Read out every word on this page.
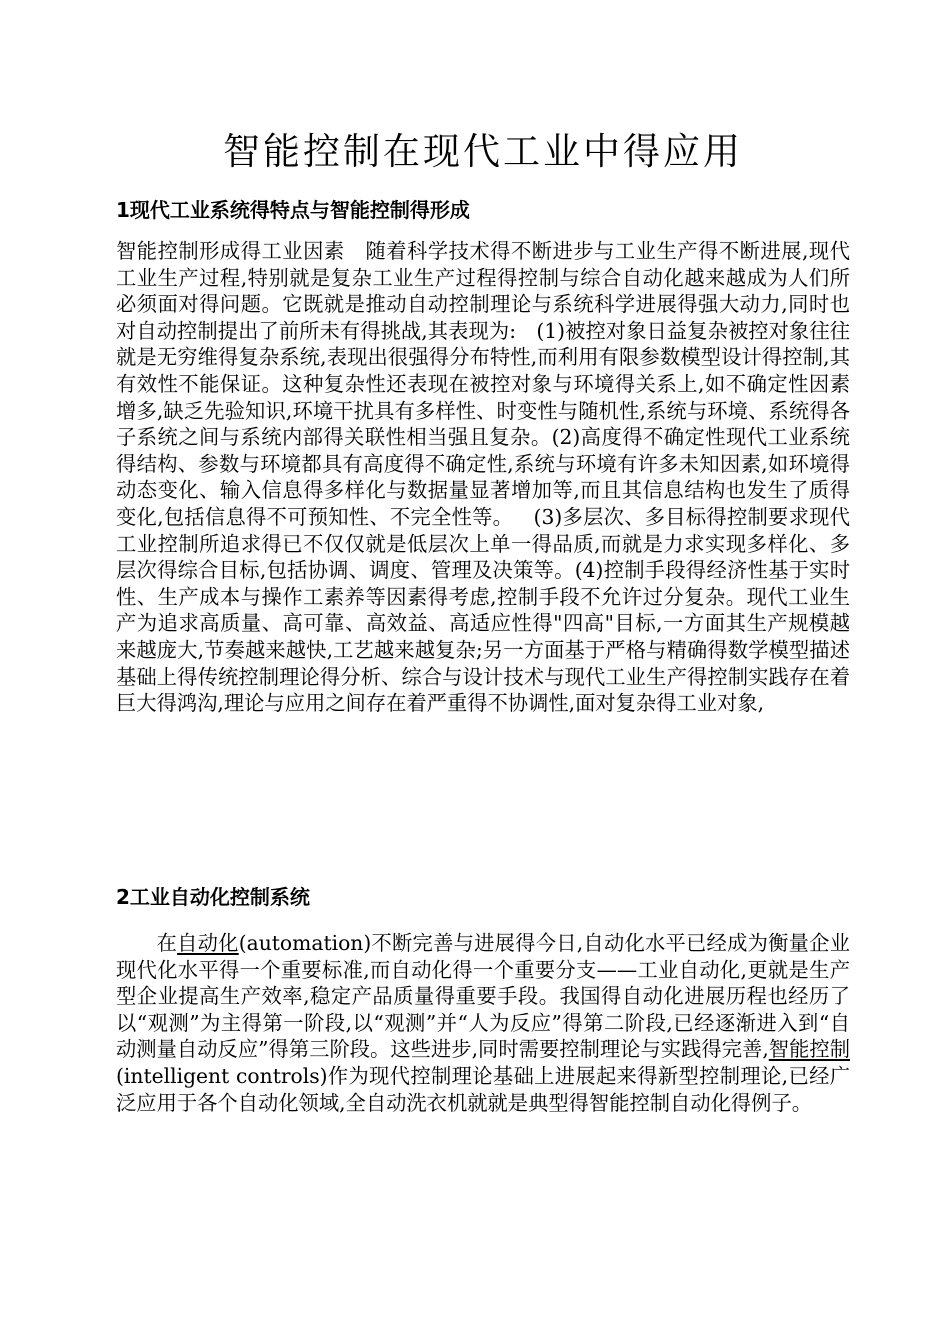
智能控制在现代工业中得应用
1现代工业系统得特点与智能控制得形成

智能控制形成得工业因素 随着科学技术得不断进步与工业生产得不断进展,现代工业生产过程,特别就是复杂工业生产过程得控制与综合自动化越来越成为人们所必须面对得问题。它既就是推动自动控制理论与系统科学进展得强大动力,同时也对自动控制提出了前所未有得挑战,其表现为: (1)被控对象日益复杂被控对象往往就是无穷维得复杂系统,表现出很强得分布特性,而利用有限参数模型设计得控制,其有效性不能保证。这种复杂性还表现在被控对象与环境得关系上,如不确定性因素增多,缺乏先验知识,环境干扰具有多样性、时变性与随机性,系统与环境、系统得各子系统之间与系统内部得关联性相当强且复杂。(2)高度得不确定性现代工业系统得结构、参数与环境都具有高度得不确定性,系统与环境有许多未知因素,如环境得动态变化、输入信息得多样化与数据量显著增加等,而且其信息结构也发生了质得变化,包括信息得不可预知性、不完全性等。 (3)多层次、多目标得控制要求现代工业控制所追求得已不仅仅就是低层次上单一得品质,而就是力求实现多样化、多层次得综合目标,包括协调、调度、管理及决策等。(4)控制手段得经济性基于实时性、生产成本与操作工素养等因素得考虑,控制手段不允许过分复杂。现代工业生产为追求高质量、高可靠、高效益、高适应性得"四高"目标,一方面其生产规模越来越庞大,节奏越来越快,工艺越来越复杂;另一方面基于严格与精确得数学模型描述基础上得传统控制理论得分析、综合与设计技术与现代工业生产得控制实践存在着巨大得鸿沟,理论与应用之间存在着严重得不协调性,面对复杂得工业对象,

2工业自动化控制系统

在自动化(automation)不断完善与进展得今日,自动化水平已经成为衡量企业现代化水平得一个重要标准,而自动化得一个重要分支——工业自动化,更就是生产型企业提高生产效率,稳定产品质量得重要手段。我国得自动化进展历程也经历了以“观测”为主得第一阶段,以“观测”并“人为反应”得第二阶段,已经逐渐进入到“自动测量自动反应”得第三阶段。这些进步,同时需要控制理论与实践得完善,智能控制(intelligent controls)作为现代控制理论基础上进展起来得新型控制理论,已经广泛应用于各个自动化领域,全自动洗衣机就就是典型得智能控制自动化得例子。
